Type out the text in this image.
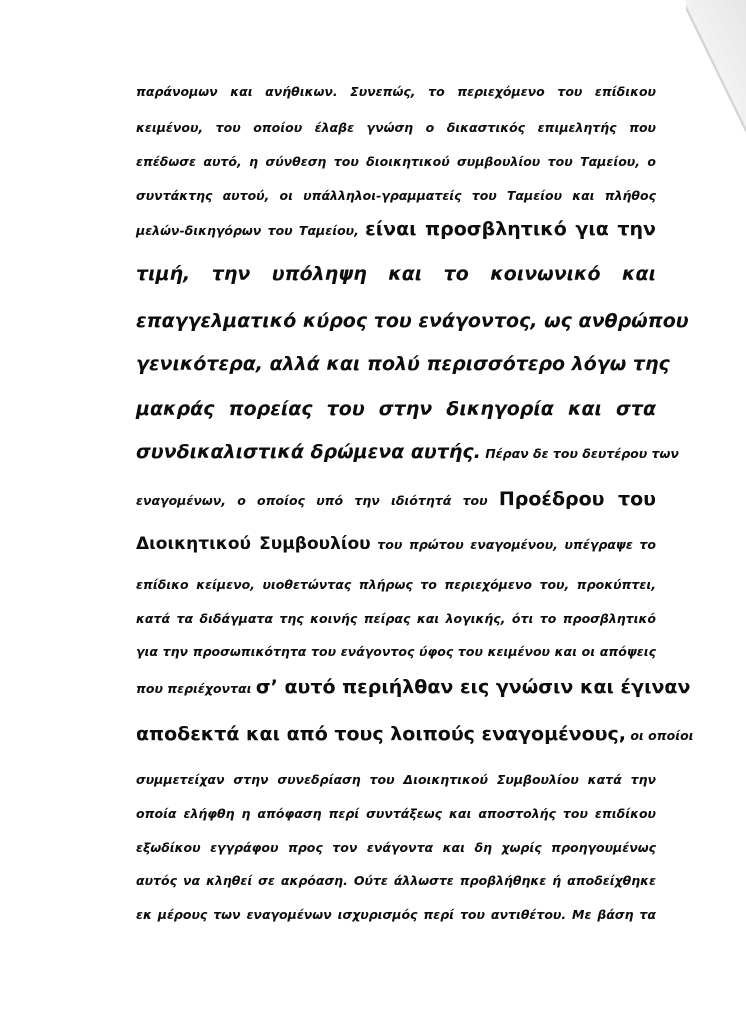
παράνομων και ανήθικων. Συνεπώς, το περιεχόμενο του επίδικου
κειμένου, του οποίου έλαβε γνώση ο δικαστικός επιμελητής που
επέδωσε αυτό, η σύνθεση του διοικητικού συμβουλίου του Ταμείου, ο
συντάκτης αυτού, οι υπάλληλοι-γραμματείς του Ταμείου και πλήθος
μελών-δικηγόρων του Ταμείου, είναι προσβλητικό για την
τιμή, την υπόληψη και το κοινωνικό και
επαγγελματικό κύρος του ενάγοντος, ως ανθρώπου
γενικότερα, αλλά και πολύ περισσότερο λόγω της
μακράς πορείας του στην δικηγορία και στα
συνδικαλιστικά δρώμενα αυτής. Πέραν δε του δευτέρου των
εναγομένων, ο οποίος υπό την ιδιότητά του Προέδρου του
Διοικητικού Συμβουλίου του πρώτου εναγομένου, υπέγραψε το
επίδικο κείμενο, υιοθετώντας πλήρως το περιεχόμενο του, προκύπτει,
κατά τα διδάγματα της κοινής πείρας και λογικής, ότι το προσβλητικό
για την προσωπικότητα του ενάγοντος ύφος του κειμένου και οι απόψεις
που περιέχονται σ’ αυτό περιήλθαν εις γνώσιν και έγιναν
αποδεκτά και από τους λοιπούς εναγομένους, οι οποίοι
συμμετείχαν στην συνεδρίαση του Διοικητικού Συμβουλίου κατά την
οποία ελήφθη η απόφαση περί συντάξεως και αποστολής του επιδίκου
εξωδίκου εγγράφου προς τον ενάγοντα και δη χωρίς προηγουμένως
αυτός να κληθεί σε ακρόαση. Ούτε άλλωστε προβλήθηκε ή αποδείχθηκε
εκ μέρους των εναγομένων ισχυρισμός περί του αντιθέτου. Με βάση τα
